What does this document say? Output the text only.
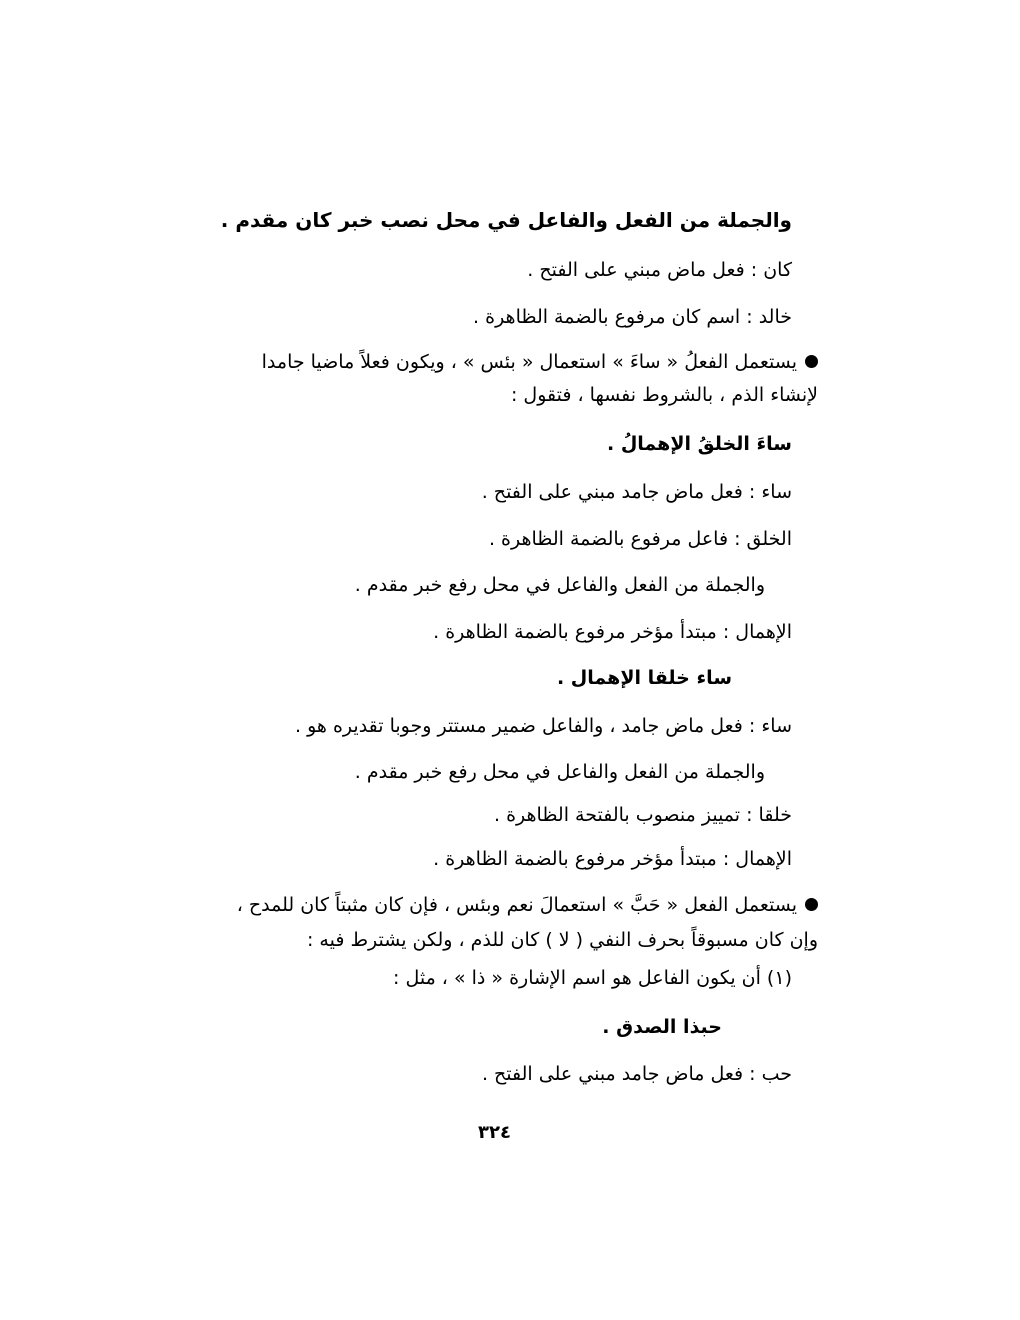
والجملة من الفعل والفاعل في محل نصب خبر كان مقدم .
كان : فعل ماض مبني على الفتح .
خالد : اسم كان مرفوع بالضمة الظاهرة .
يستعمل الفعلُ « ساءَ » استعمال « بئس » ، ويكون فعلاً ماضيا جامدا
لإنشاء الذم ، بالشروط نفسها ، فتقول :
ساءَ الخلقُ الإهمالُ .
ساء : فعل ماض جامد مبني على الفتح .
الخلق : فاعل مرفوع بالضمة الظاهرة .
والجملة من الفعل والفاعل في محل رفع خبر مقدم .
الإهمال : مبتدأ مؤخر مرفوع بالضمة الظاهرة .
ساء خلقا الإهمال .
ساء : فعل ماض جامد ، والفاعل ضمير مستتر وجوبا تقديره هو .
والجملة من الفعل والفاعل في محل رفع خبر مقدم .
خلقا : تمييز منصوب بالفتحة الظاهرة .
الإهمال : مبتدأ مؤخر مرفوع بالضمة الظاهرة .
يستعمل الفعل « حَبَّ » استعمالَ نعم وبئس ، فإن كان مثبتاً كان للمدح ،
وإن كان مسبوقاً بحرف النفي ( لا ) كان للذم ، ولكن يشترط فيه :
(١) أن يكون الفاعل هو اسم الإشارة « ذا » ، مثل :
حبذا الصدق .
حب : فعل ماض جامد مبني على الفتح .
٣٢٤
